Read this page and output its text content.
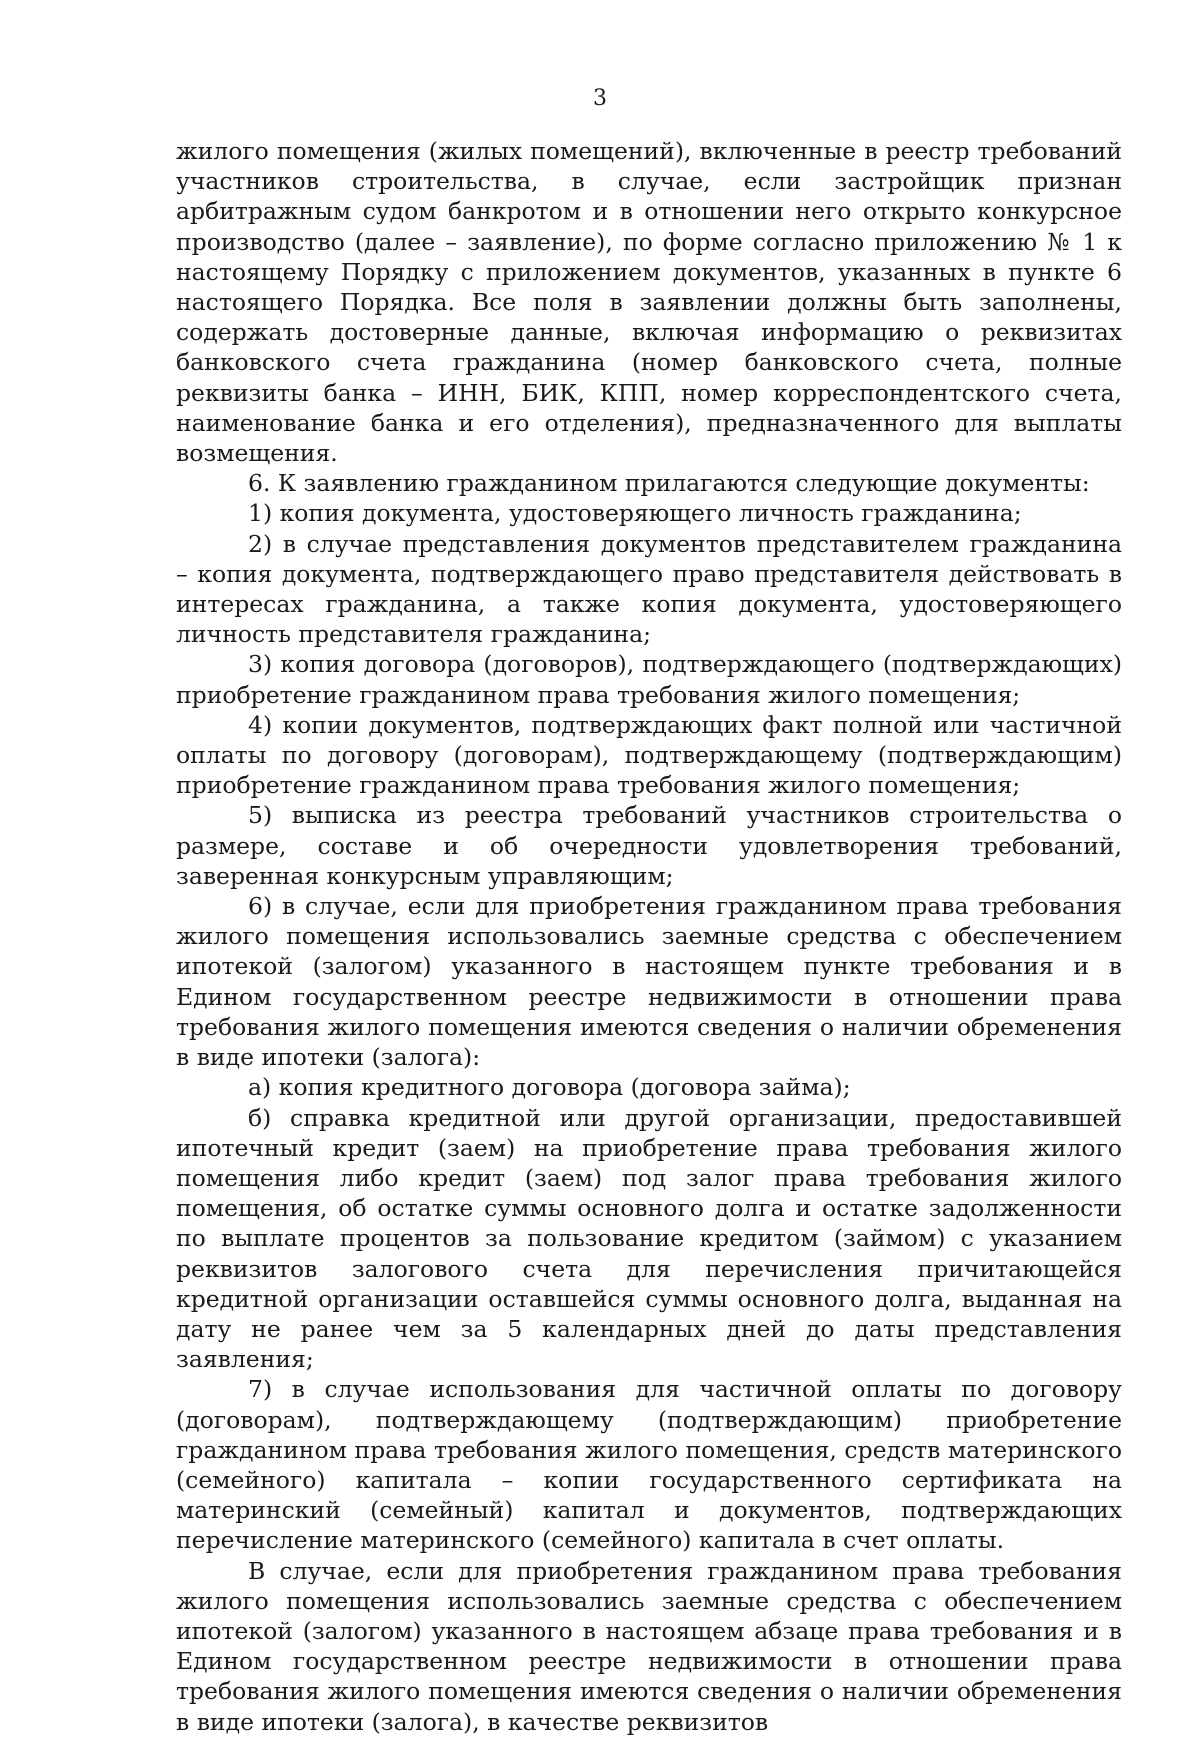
3

жилого помещения (жилых помещений), включенные в реестр требований участников строительства, в случае, если застройщик признан арбитражным судом банкротом и в отношении него открыто конкурсное производство (далее – заявление), по форме согласно приложению № 1 к настоящему Порядку с приложением документов, указанных в пункте 6 настоящего Порядка. Все поля в заявлении должны быть заполнены, содержать достоверные данные, включая информацию о реквизитах банковского счета гражданина (номер банковского счета, полные реквизиты банка – ИНН, БИК, КПП, номер корреспондентского счета, наименование банка и его отделения), предназначенного для выплаты возмещения.

6. К заявлению гражданином прилагаются следующие документы:

1) копия документа, удостоверяющего личность гражданина;

2) в случае представления документов представителем гражданина – копия документа, подтверждающего право представителя действовать в интересах гражданина, а также копия документа, удостоверяющего личность представителя гражданина;

3) копия договора (договоров), подтверждающего (подтверждающих) приобретение гражданином права требования жилого помещения;

4) копии документов, подтверждающих факт полной или частичной оплаты по договору (договорам), подтверждающему (подтверждающим) приобретение гражданином права требования жилого помещения;

5) выписка из реестра требований участников строительства о размере, составе и об очередности удовлетворения требований, заверенная конкурсным управляющим;

6) в случае, если для приобретения гражданином права требования жилого помещения использовались заемные средства с обеспечением ипотекой (залогом) указанного в настоящем пункте требования и в Едином государственном реестре недвижимости в отношении права требования жилого помещения имеются сведения о наличии обременения в виде ипотеки (залога):

а) копия кредитного договора (договора займа);

б) справка кредитной или другой организации, предоставившей ипотечный кредит (заем) на приобретение права требования жилого помещения либо кредит (заем) под залог права требования жилого помещения, об остатке суммы основного долга и остатке задолженности по выплате процентов за пользование кредитом (займом) с указанием реквизитов залогового счета для перечисления причитающейся кредитной организации оставшейся суммы основного долга, выданная на дату не ранее чем за 5 календарных дней до даты представления заявления;

7) в случае использования для частичной оплаты по договору (договорам), подтверждающему (подтверждающим) приобретение гражданином права требования жилого помещения, средств материнского (семейного) капитала – копии государственного сертификата на материнский (семейный) капитал и документов, подтверждающих перечисление материнского (семейного) капитала в счет оплаты.

В случае, если для приобретения гражданином права требования жилого помещения использовались заемные средства с обеспечением ипотекой (залогом) указанного в настоящем абзаце права требования и в Едином государственном реестре недвижимости в отношении права требования жилого помещения имеются сведения о наличии обременения в виде ипотеки (залога), в качестве реквизитов
